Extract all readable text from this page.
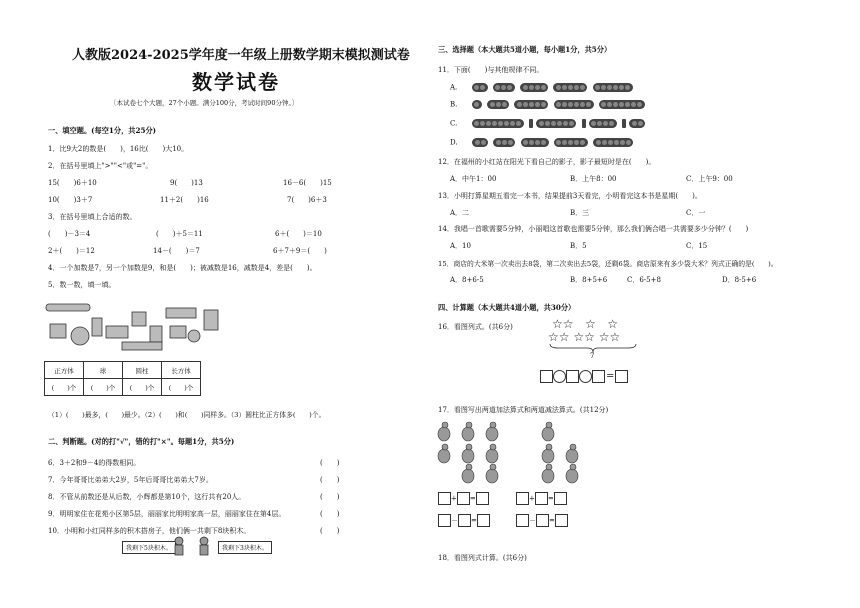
人教版2024-2025学年度一年级上册数学期末模拟测试卷
数学试卷
〔本试卷七个大题，27个小题。满分100分，考试时间90分钟。〕
一、填空题。(每空1分，共25分)
1．比9大2的数是(　　)，16比(　　)大10。
2．在括号里填上">""<"或"="。
15(　　)6＋10	9(　　)13	16－6(　　)15
10(　　)3＋7	11＋2(　　)16	7(　　)6＋3
3．在括号里填上合适的数。
(　　)－3＝4	(　　)＋5＝11	6＋(　　)＝10
2＋(　　)＝12	14－(　　)＝7	6＋7＋9＝(　　)
4．一个加数是7，另一个加数是9，和是(　　)；被减数是16，减数是4，差是(　　)。
5．数一数，填一填。
正方体	球	圆柱	长方体
(　　)个	(　　)个	(　　)个	(　　)个
（1）(　　)最多，(　　)最少。（2）(　　)和(　　)同样多。（3）圆柱比正方体多(　　)个。
二、判断题。(对的打"√"，错的打"×"。每题1分，共5分)
6．3＋2和9－4的得数相同。
7．今年哥哥比弟弟大2岁，5年后哥哥比弟弟大7岁。
8．不管从前数还是从后数，小辉都是第10个，这行共有20人。
9．明明家住在花苑小区第5层，丽丽家比明明家高一层，丽丽家住在第4层。
10．小明和小红同样多的积木搭房子，他们俩一共剩下8块积木。
(　　)
(　　)
(　　)
(　　)
(　　)
我剩下5块积木。	我剩下3块积木。
三、选择题（本大题共5道小题，每小题1分，共5分）
11．下面(　　)与其他规律不同。
A.
B.
C.
D.
12．在福州的小红站在阳光下看自己的影子，影子最短时是在(　　)。
A．中午1：00	B．上午8：00	C．上午9：00
13．小明打算星期五看完一本书，结果提前3天看完，小明看完这本书是星期(　　)。
A．二	B．三	C．一
14．我唱一首歌需要5分钟，小丽唱这首歌也需要5分钟，那么我们俩合唱一共需要多少分钟？(　　)
A．10	B．5	C．15
15．商店的大米第一次卖出去8袋，第二次卖出去5袋，还剩6袋。商店原来有多少袋大米？列式正确的是(　　)。
A．8+6-5	B．8+5+6	C．6-5+8	D．8-5+6
四、计算题（本大题共4道小题，共30分）
16．看图列式。(共6分)	☆☆ ☆ ☆
☆☆ ☆☆ ☆☆
7
=
17．看图写出两道加法算式和两道减法算式。(共12分)
+ =	+ =
－ =	－ =
18．看图列式计算。(共6分)
